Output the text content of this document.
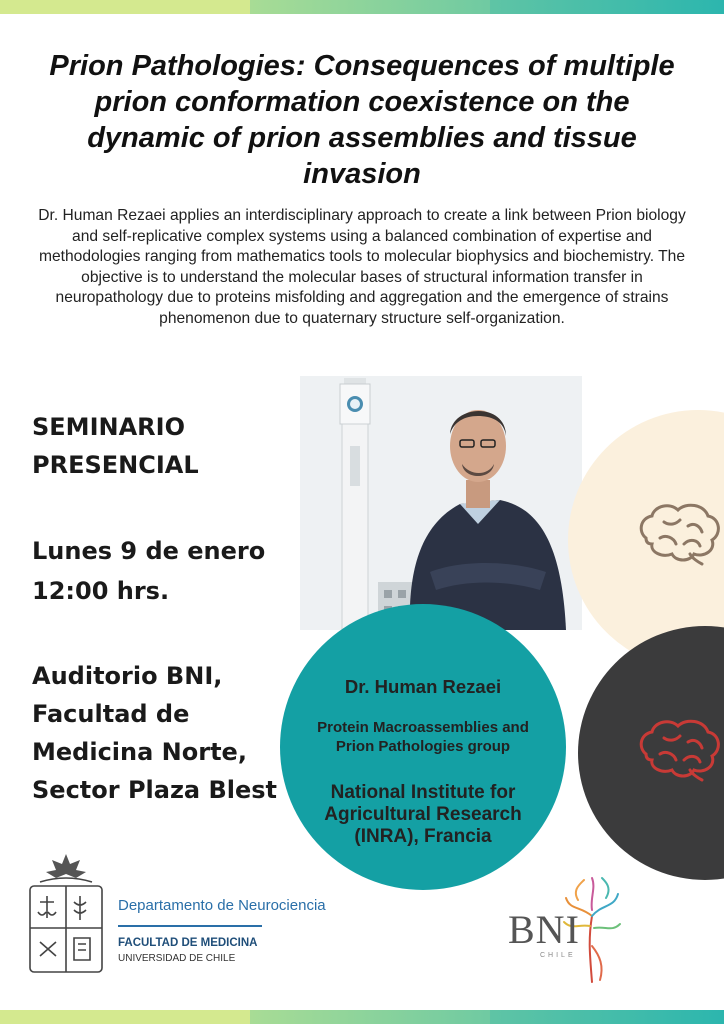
Prion Pathologies: Consequences of multiple prion conformation coexistence on the dynamic of prion assemblies and tissue invasion

Dr. Human Rezaei applies an interdisciplinary approach to create a link between Prion biology and self-replicative complex systems using a balanced combination of expertise and methodologies ranging from mathematics tools to molecular biophysics and biochemistry. The objective is to understand the molecular bases of structural information transfer in neuropathology due to proteins misfolding and aggregation and the emergence of strains phenomenon due to quaternary structure self-organization.

SEMINARIO PRESENCIAL
Lunes 9 de enero
12:00 hrs.
Auditorio BNI, Facultad de Medicina Norte, Sector Plaza Blest

Dr. Human Rezaei

Protein Macroassemblies and Prion Pathologies group

National Institute for Agricultural Research (INRA), Francia

Departamento de Neurociencia

FACULTAD DE MEDICINA

UNIVERSIDAD DE CHILE

BNI

CHILE
